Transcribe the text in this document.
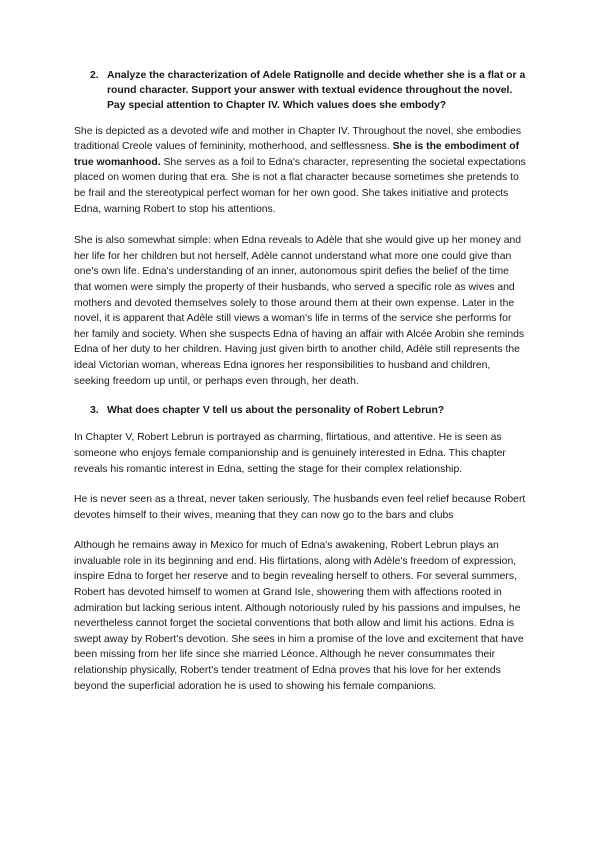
2. Analyze the characterization of Adele Ratignolle and decide whether she is a flat or a round character. Support your answer with textual evidence throughout the novel. Pay special attention to Chapter IV. Which values does she embody?

She is depicted as a devoted wife and mother in Chapter IV. Throughout the novel, she embodies traditional Creole values of femininity, motherhood, and selflessness. She is the embodiment of true womanhood. She serves as a foil to Edna's character, representing the societal expectations placed on women during that era. She is not a flat character because sometimes she pretends to be frail and the stereotypical perfect woman for her own good. She takes initiative and protects Edna, warning Robert to stop his attentions.

She is also somewhat simple: when Edna reveals to Adèle that she would give up her money and her life for her children but not herself, Adèle cannot understand what more one could give than one's own life. Edna's understanding of an inner, autonomous spirit defies the belief of the time that women were simply the property of their husbands, who served a specific role as wives and mothers and devoted themselves solely to those around them at their own expense. Later in the novel, it is apparent that Adèle still views a woman's life in terms of the service she performs for her family and society. When she suspects Edna of having an affair with Alcée Arobin she reminds Edna of her duty to her children. Having just given birth to another child, Adèle still represents the ideal Victorian woman, whereas Edna ignores her responsibilities to husband and children, seeking freedom up until, or perhaps even through, her death.

3. What does chapter V tell us about the personality of Robert Lebrun?

In Chapter V, Robert Lebrun is portrayed as charming, flirtatious, and attentive. He is seen as someone who enjoys female companionship and is genuinely interested in Edna. This chapter reveals his romantic interest in Edna, setting the stage for their complex relationship.

He is never seen as a threat, never taken seriously. The husbands even feel relief because Robert devotes himself to their wives, meaning that they can now go to the bars and clubs

Although he remains away in Mexico for much of Edna's awakening, Robert Lebrun plays an invaluable role in its beginning and end. His flirtations, along with Adèle's freedom of expression, inspire Edna to forget her reserve and to begin revealing herself to others. For several summers, Robert has devoted himself to women at Grand Isle, showering them with affections rooted in admiration but lacking serious intent. Although notoriously ruled by his passions and impulses, he nevertheless cannot forget the societal conventions that both allow and limit his actions. Edna is swept away by Robert's devotion. She sees in him a promise of the love and excitement that have been missing from her life since she married Léonce. Although he never consummates their relationship physically, Robert's tender treatment of Edna proves that his love for her extends beyond the superficial adoration he is used to showing his female companions.
